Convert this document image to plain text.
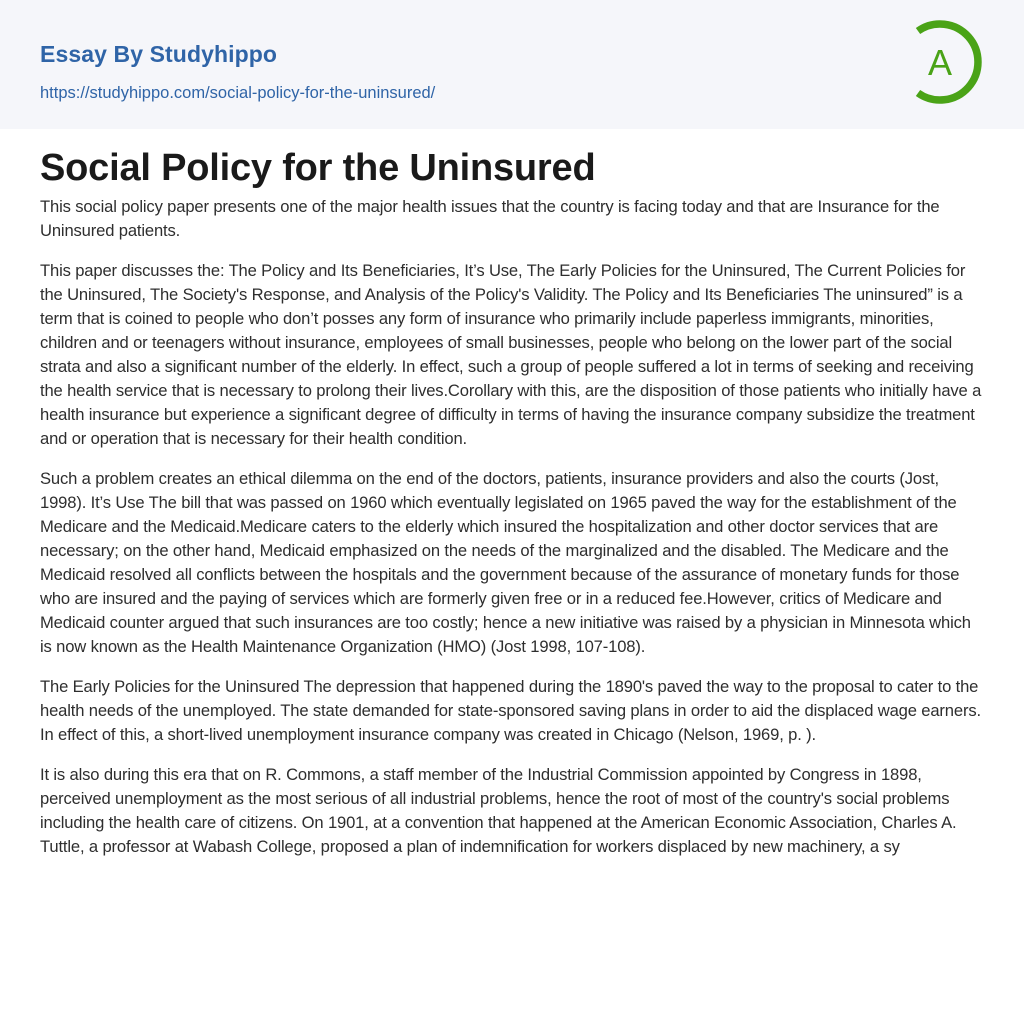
Essay By Studyhippo
https://studyhippo.com/social-policy-for-the-uninsured/
A
Social Policy for the Uninsured

This social policy paper presents one of the major health issues that the country is facing today and that are Insurance for the Uninsured patients.

This paper discusses the: The Policy and Its Beneficiaries, It’s Use, The Early Policies for the Uninsured, The Current Policies for the Uninsured, The Society's Response, and Analysis of the Policy's Validity. The Policy and Its Beneficiaries The uninsured” is a term that is coined to people who don’t posses any form of insurance who primarily include paperless immigrants, minorities, children and or teenagers without insurance, employees of small businesses, people who belong on the lower part of the social strata and also a significant number of the elderly. In effect, such a group of people suffered a lot in terms of seeking and receiving the health service that is necessary to prolong their lives.Corollary with this, are the disposition of those patients who initially have a health insurance but experience a significant degree of difficulty in terms of having the insurance company subsidize the treatment and or operation that is necessary for their health condition.

Such a problem creates an ethical dilemma on the end of the doctors, patients, insurance providers and also the courts (Jost, 1998). It’s Use The bill that was passed on 1960 which eventually legislated on 1965 paved the way for the establishment of the Medicare and the Medicaid.Medicare caters to the elderly which insured the hospitalization and other doctor services that are necessary; on the other hand, Medicaid emphasized on the needs of the marginalized and the disabled. The Medicare and the Medicaid resolved all conflicts between the hospitals and the government because of the assurance of monetary funds for those who are insured and the paying of services which are formerly given free or in a reduced fee.However, critics of Medicare and Medicaid counter argued that such insurances are too costly; hence a new initiative was raised by a physician in Minnesota which is now known as the Health Maintenance Organization (HMO) (Jost 1998, 107-108).

The Early Policies for the Uninsured The depression that happened during the 1890's paved the way to the proposal to cater to the health needs of the unemployed. The state demanded for state-sponsored saving plans in order to aid the displaced wage earners. In effect of this, a short-lived unemployment insurance company was created in Chicago (Nelson, 1969, p. ).

It is also during this era that on R. Commons, a staff member of the Industrial Commission appointed by Congress in 1898, perceived unemployment as the most serious of all industrial problems, hence the root of most of the country's social problems including the health care of citizens. On 1901, at a convention that happened at the American Economic Association, Charles A. Tuttle, a professor at Wabash College, proposed a plan of indemnification for workers displaced by new machinery, a sy
